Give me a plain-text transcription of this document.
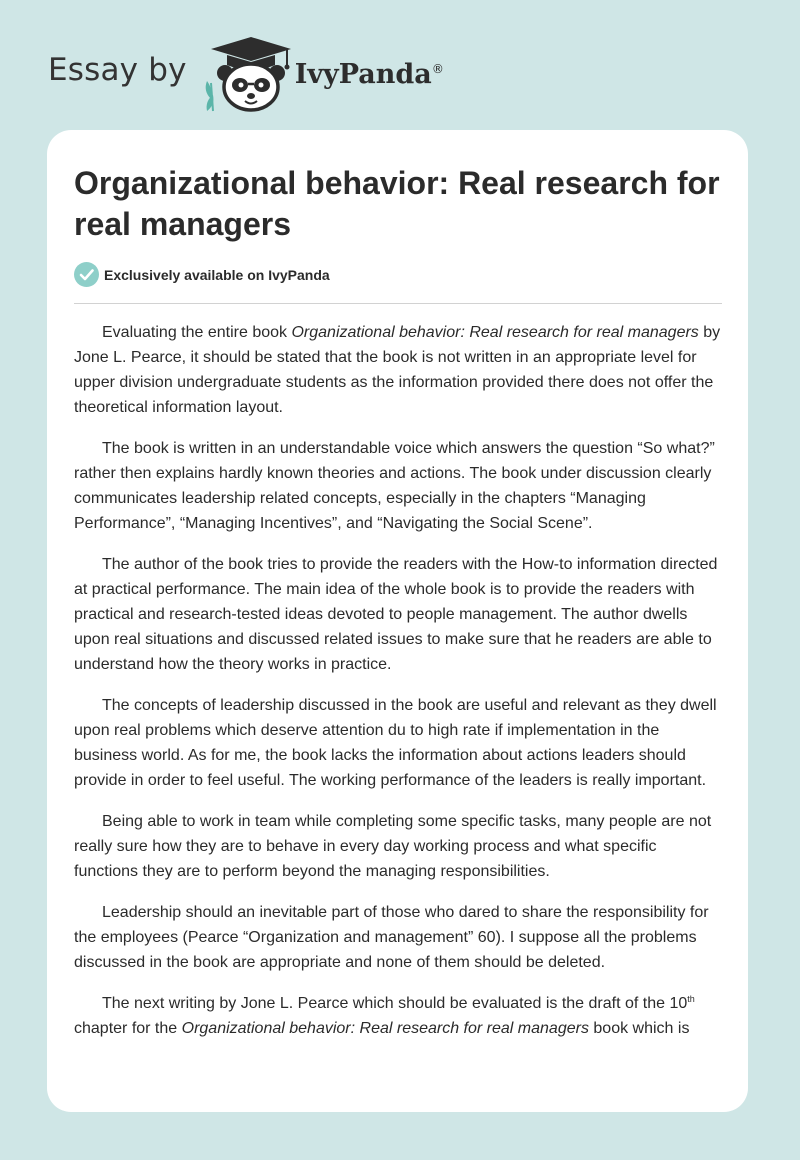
Essay by	IvyPanda®
Organizational behavior: Real research for real managers
Exclusively available on IvyPanda

Evaluating the entire book Organizational behavior: Real research for real managers by Jone L. Pearce, it should be stated that the book is not written in an appropriate level for upper division undergraduate students as the information provided there does not offer the theoretical information layout.

The book is written in an understandable voice which answers the question “So what?” rather then explains hardly known theories and actions. The book under discussion clearly communicates leadership related concepts, especially in the chapters “Managing Performance”, “Managing Incentives”, and “Navigating the Social Scene”.

The author of the book tries to provide the readers with the How-to information directed at practical performance. The main idea of the whole book is to provide the readers with practical and research-tested ideas devoted to people management. The author dwells upon real situations and discussed related issues to make sure that he readers are able to understand how the theory works in practice.

The concepts of leadership discussed in the book are useful and relevant as they dwell upon real problems which deserve attention du to high rate if implementation in the business world. As for me, the book lacks the information about actions leaders should provide in order to feel useful. The working performance of the leaders is really important.

Being able to work in team while completing some specific tasks, many people are not really sure how they are to behave in every day working process and what specific functions they are to perform beyond the managing responsibilities.

Leadership should an inevitable part of those who dared to share the responsibility for the employees (Pearce “Organization and management” 60). I suppose all the problems discussed in the book are appropriate and none of them should be deleted.

The next writing by Jone L. Pearce which should be evaluated is the draft of the 10th chapter for the Organizational behavior: Real research for real managers book which is
